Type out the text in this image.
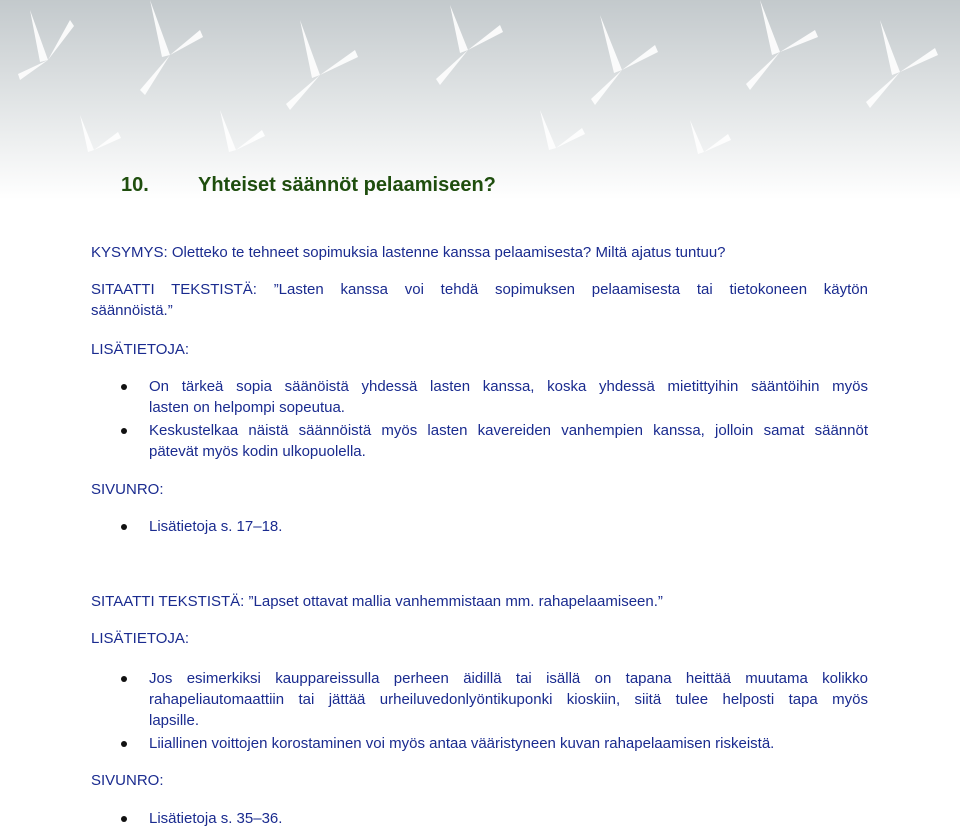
10. Yhteiset säännöt pelaamiseen?
KYSYMYS: Oletteko te tehneet sopimuksia lastenne kanssa pelaamisesta? Miltä ajatus tuntuu?
SITAATTI TEKSTISTÄ: ”Lasten kanssa voi tehdä sopimuksen pelaamisesta tai tietokoneen käytön
säännöistä.”
LISÄTIETOJA:
On tärkeä sopia säänöistä yhdessä lasten kanssa, koska yhdessä mietittyihin sääntöihin myös
lasten on helpompi sopeutua.
Keskustelkaa näistä säännöistä myös lasten kavereiden vanhempien kanssa, jolloin samat säännöt
pätevät myös kodin ulkopuolella.
SIVUNRO:
Lisätietoja s. 17–18.
SITAATTI TEKSTISTÄ: ”Lapset ottavat mallia vanhemmistaan mm. rahapelaamiseen.”
LISÄTIETOJA:
Jos esimerkiksi kauppareissulla perheen äidillä tai isällä on tapana heittää muutama kolikko
rahapeliautomaattiin tai jättää urheiluvedonlyöntikuponki kioskiin, siitä tulee helposti tapa myös
lapsille.
Liiallinen voittojen korostaminen voi myös antaa vääristyneen kuvan rahapelaamisen riskeistä.
SIVUNRO:
Lisätietoja s. 35–36.
